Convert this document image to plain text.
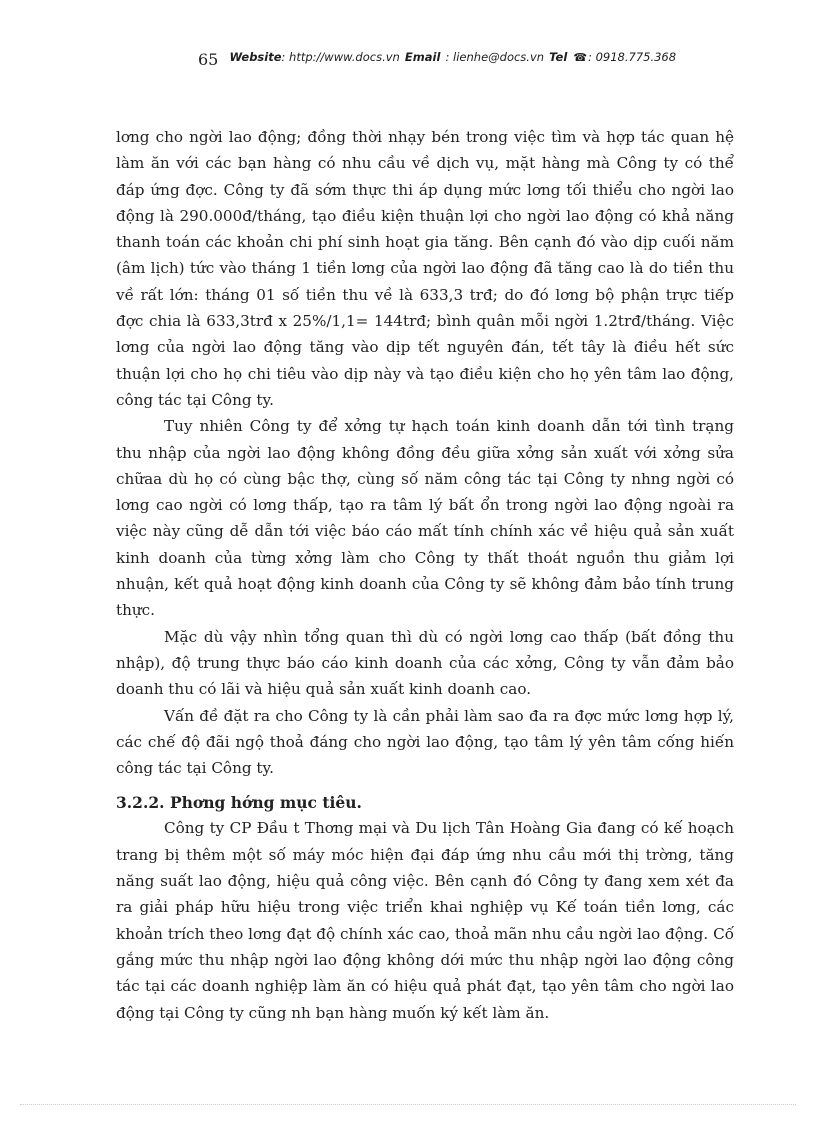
65 Website: http://www.docs.vn Email : lienhe@docs.vn Tel ☎: 0918.775.368

lơng cho ngời lao động; đồng thời nhạy bén trong việc tìm và hợp tác quan hệ làm ăn với các bạn hàng có nhu cầu về dịch vụ, mặt hàng mà Công ty có thể đáp ứng đợc. Công ty đã sớm thực thi áp dụng mức lơng tối thiểu cho ngời lao động là 290.000đ/tháng, tạo điều kiện thuận lợi cho ngời lao động có khả năng thanh toán các khoản chi phí sinh hoạt gia tăng. Bên cạnh đó vào dịp cuối năm (âm lịch) tức vào tháng 1 tiền lơng của ngời lao động đã tăng cao là do tiền thu về rất lớn: tháng 01 số tiền thu về là 633,3 trđ; do đó lơng bộ phận trực tiếp đợc chia là 633,3trđ x 25%/1,1= 144trđ; bình quân mỗi ngời 1.2trđ/tháng. Việc lơng của ngời lao động tăng vào dịp tết nguyên đán, tết tây là điều hết sức thuận lợi cho họ chi tiêu vào dịp này và tạo điều kiện cho họ yên tâm lao động, công tác tại Công ty.

Tuy nhiên Công ty để xởng tự hạch toán kinh doanh dẫn tới tình trạng thu nhập của ngời lao động không đồng đều giữa xởng sản xuất với xởng sửa chữaa dù họ có cùng bậc thợ, cùng số năm công tác tại Công ty nhng ngời có lơng cao ngời có lơng thấp, tạo ra tâm lý bất ổn trong ngời lao động ngoài ra việc này cũng dễ dẫn tới việc báo cáo mất tính chính xác về hiệu quả sản xuất kinh doanh của từng xởng làm cho Công ty thất thoát nguồn thu giảm lợi nhuận, kết quả hoạt động kinh doanh của Công ty sẽ không đảm bảo tính trung thực.

Mặc dù vậy nhìn tổng quan thì dù có ngời lơng cao thấp (bất đồng thu nhập), độ trung thực báo cáo kinh doanh của các xởng, Công ty vẫn đảm bảo doanh thu có lãi và hiệu quả sản xuất kinh doanh cao.

Vấn đề đặt ra cho Công ty là cần phải làm sao đa ra đợc mức lơng hợp lý, các chế độ đãi ngộ thoả đáng cho ngời lao động, tạo tâm lý yên tâm cống hiến công tác tại Công ty.

3.2.2. Phơng hớng mục tiêu.

Công ty CP Đầu t Thơng mại và Du lịch Tân Hoàng Gia đang có kế hoạch trang bị thêm một số máy móc hiện đại đáp ứng nhu cầu mới thị trờng, tăng năng suất lao động, hiệu quả công việc. Bên cạnh đó Công ty đang xem xét đa ra giải pháp hữu hiệu trong việc triển khai nghiệp vụ Kế toán tiền lơng, các khoản trích theo lơng đạt độ chính xác cao, thoả mãn nhu cầu ngời lao động. Cố gắng mức thu nhập ngời lao động không dới mức thu nhập ngời lao động công tác tại các doanh nghiệp làm ăn có hiệu quả phát đạt, tạo yên tâm cho ngời lao động tại Công ty cũng nh bạn hàng muốn ký kết làm ăn.
